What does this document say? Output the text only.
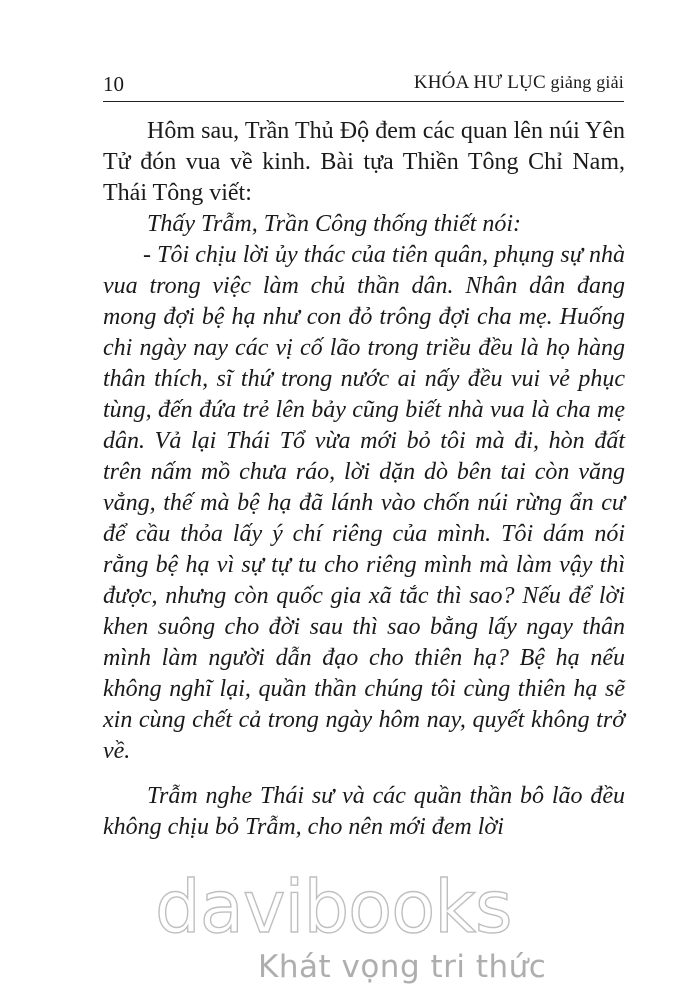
10	KHÓA HƯ LỤC giảng giải

Hôm sau, Trần Thủ Độ đem các quan lên núi Yên Tử đón vua về kinh. Bài tựa Thiền Tông Chỉ Nam, Thái Tông viết:

Thấy Trẫm, Trần Công thống thiết nói:

- Tôi chịu lời ủy thác của tiên quân, phụng sự nhà vua trong việc làm chủ thần dân. Nhân dân đang mong đợi bệ hạ như con đỏ trông đợi cha mẹ. Huống chi ngày nay các vị cố lão trong triều đều là họ hàng thân thích, sĩ thứ trong nước ai nấy đều vui vẻ phục tùng, đến đứa trẻ lên bảy cũng biết nhà vua là cha mẹ dân. Vả lại Thái Tổ vừa mới bỏ tôi mà đi, hòn đất trên nấm mồ chưa ráo, lời dặn dò bên tai còn văng vẳng, thế mà bệ hạ đã lánh vào chốn núi rừng ẩn cư để cầu thỏa lấy ý chí riêng của mình. Tôi dám nói rằng bệ hạ vì sự tự tu cho riêng mình mà làm vậy thì được, nhưng còn quốc gia xã tắc thì sao? Nếu để lời khen suông cho đời sau thì sao bằng lấy ngay thân mình làm người dẫn đạo cho thiên hạ? Bệ hạ nếu không nghĩ lại, quần thần chúng tôi cùng thiên hạ sẽ xin cùng chết cả trong ngày hôm nay, quyết không trở về.

Trẫm nghe Thái sư và các quần thần bô lão đều không chịu bỏ Trẫm, cho nên mới đem lời

davibooks
Khát vọng tri thức
